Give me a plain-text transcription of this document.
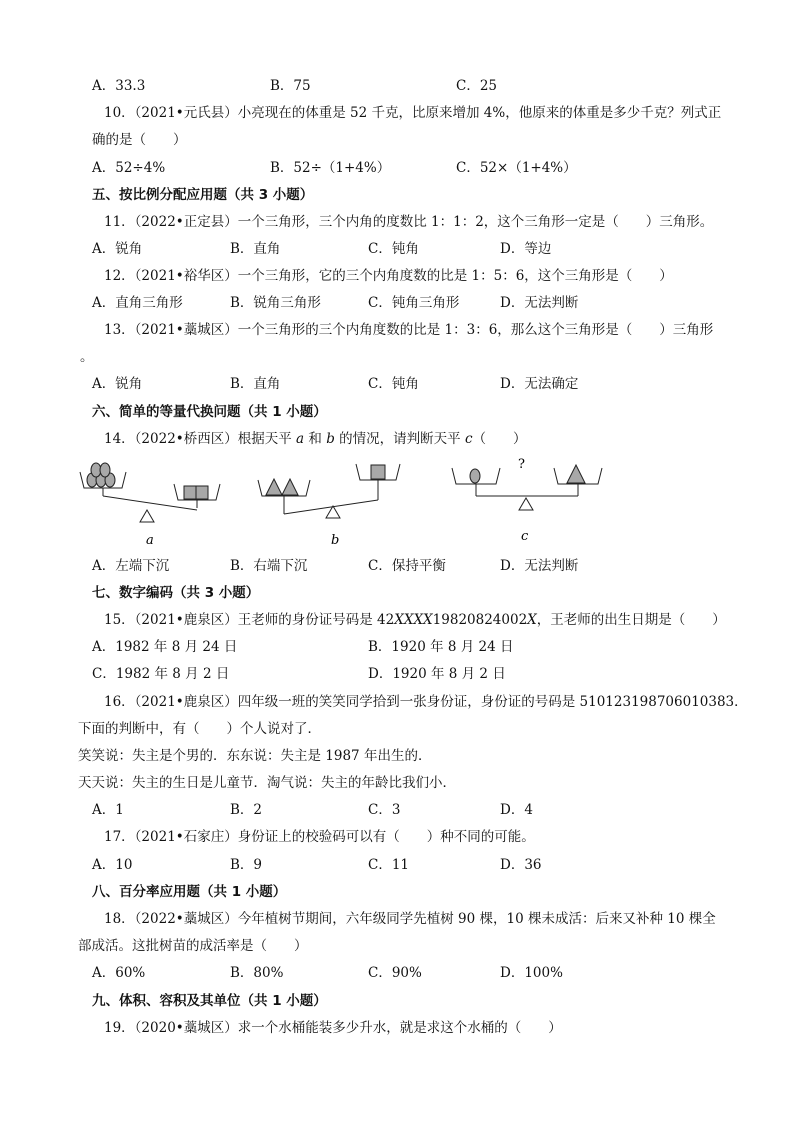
A．33.3	B．75	C．25
10．（2021•元氏县）小亮现在的体重是 52 千克，比原来增加 4%，他原来的体重是多少千克？列式正
确的是（　　）
A．52÷4%	B．52÷（1+4%）	C．52×（1+4%）
五、按比例分配应用题（共 3 小题）
11．（2022•正定县）一个三角形，三个内角的度数比 1：1：2，这个三角形一定是（　　）三角形。
A．锐角	B．直角	C．钝角	D．等边
12．（2021•裕华区）一个三角形，它的三个内角度数的比是 1：5：6，这个三角形是（　　）
A．直角三角形	B．锐角三角形	C．钝角三角形	D．无法判断
13．（2021•藁城区）一个三角形的三个内角度数的比是 1：3：6，那么这个三角形是（　　）三角形
。
A．锐角	B．直角	C．钝角	D．无法确定
六、简单的等量代换问题（共 1 小题）
14．（2022•桥西区）根据天平 a 和 b 的情况，请判断天平 c（　　）
a	b
?
c
A．左端下沉	B．右端下沉	C．保持平衡	D．无法判断
七、数字编码（共 3 小题）
15．（2021•鹿泉区）王老师的身份证号码是 42XXXX19820824002X，王老师的出生日期是（　　）
A．1982 年 8 月 24 日	B．1920 年 8 月 24 日
C．1982 年 8 月 2 日	D．1920 年 8 月 2 日
16．（2021•鹿泉区）四年级一班的笑笑同学拾到一张身份证，身份证的号码是 510123198706010383．
下面的判断中，有（　　）个人说对了．
笑笑说：失主是个男的．东东说：失主是 1987 年出生的．
天天说：失主的生日是儿童节．淘气说：失主的年龄比我们小．
A．1	B．2	C．3	D．4
17．（2021•石家庄）身份证上的校验码可以有（　　）种不同的可能。
A．10	B．9	C．11	D．36
八、百分率应用题（共 1 小题）
18．（2022•藁城区）今年植树节期间，六年级同学先植树 90 棵，10 棵未成活：后来又补种 10 棵全
部成活。这批树苗的成活率是（　　）
A．60%	B．80%	C．90%	D．100%
九、体积、容积及其单位（共 1 小题）
19．（2020•藁城区）求一个水桶能装多少升水，就是求这个水桶的（　　）
